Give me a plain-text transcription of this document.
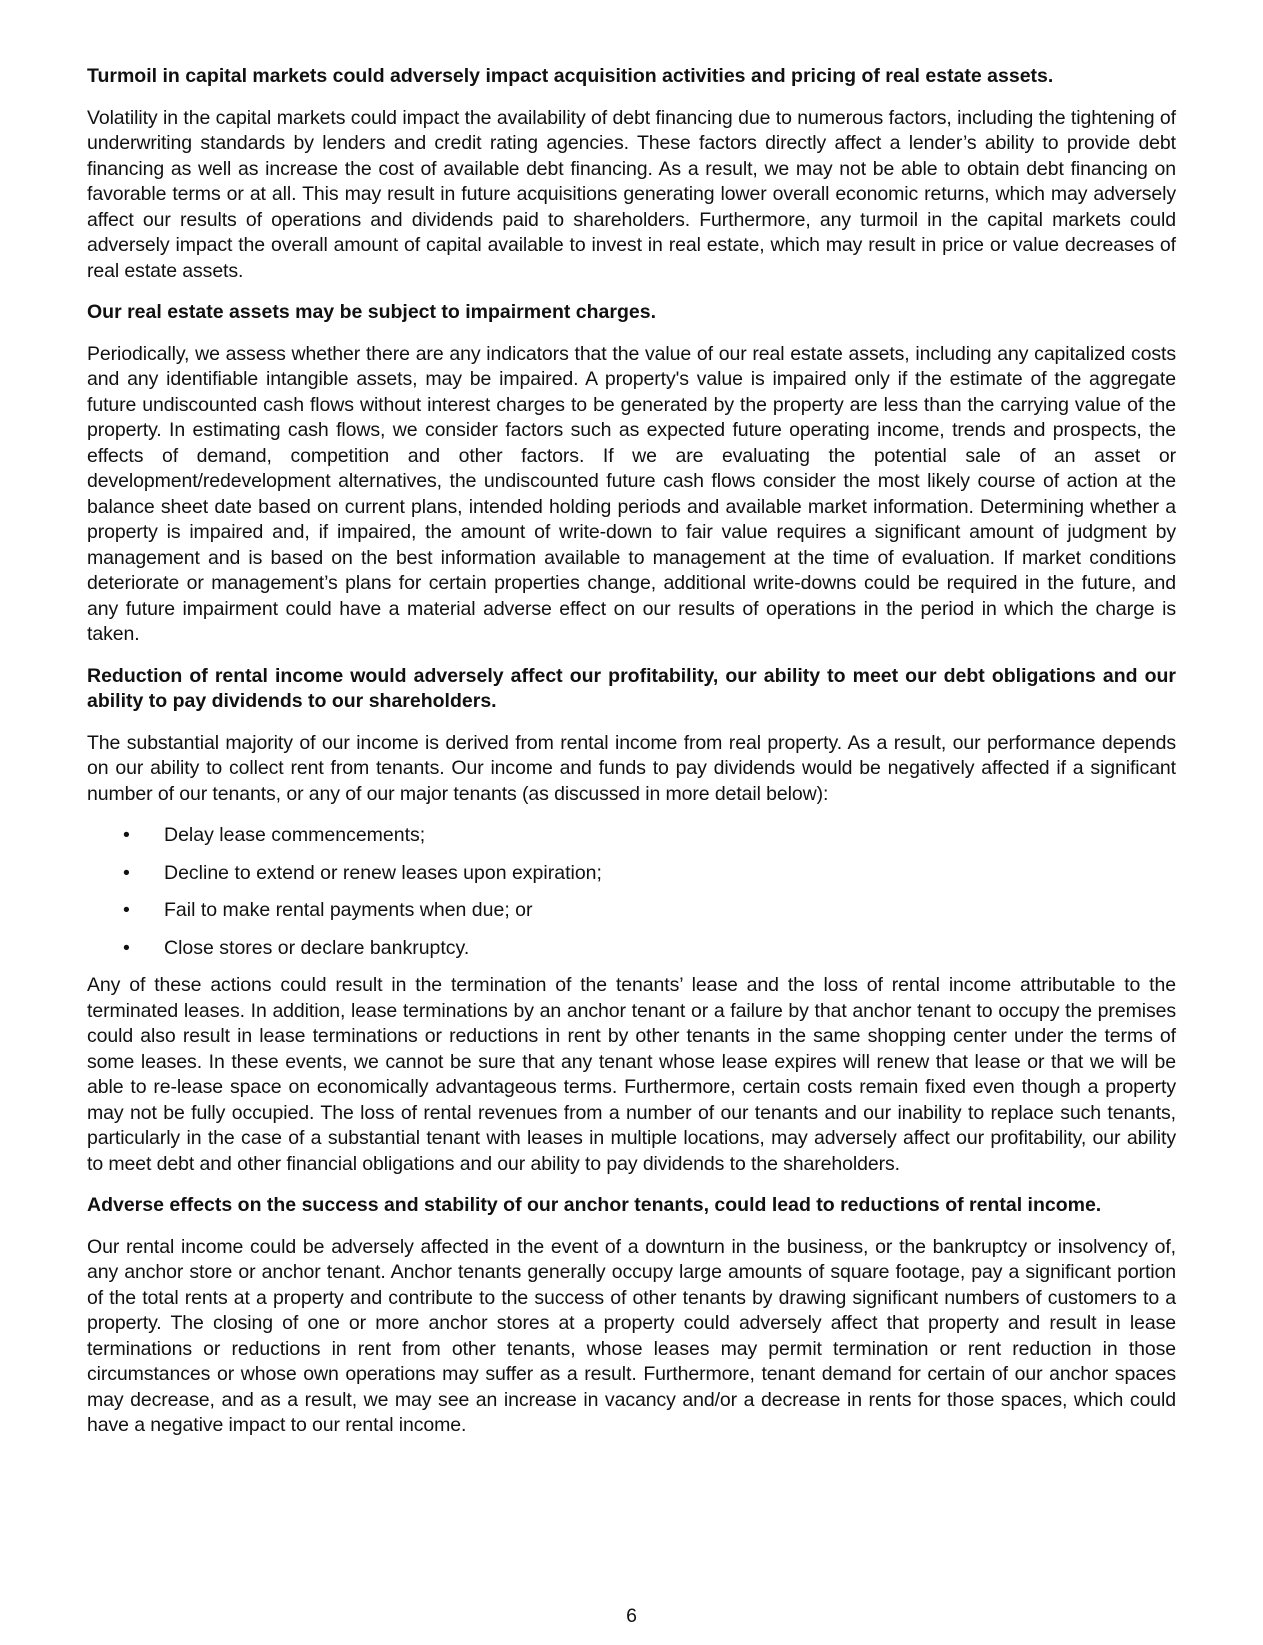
Turmoil in capital markets could adversely impact acquisition activities and pricing of real estate assets.

Volatility in the capital markets could impact the availability of debt financing due to numerous factors, including the tightening of underwriting standards by lenders and credit rating agencies. These factors directly affect a lender’s ability to provide debt financing as well as increase the cost of available debt financing. As a result, we may not be able to obtain debt financing on favorable terms or at all. This may result in future acquisitions generating lower overall economic returns, which may adversely affect our results of operations and dividends paid to shareholders. Furthermore, any turmoil in the capital markets could adversely impact the overall amount of capital available to invest in real estate, which may result in price or value decreases of real estate assets.

Our real estate assets may be subject to impairment charges.

Periodically, we assess whether there are any indicators that the value of our real estate assets, including any capitalized costs and any identifiable intangible assets, may be impaired. A property's value is impaired only if the estimate of the aggregate future undiscounted cash flows without interest charges to be generated by the property are less than the carrying value of the property. In estimating cash flows, we consider factors such as expected future operating income, trends and prospects, the effects of demand, competition and other factors. If we are evaluating the potential sale of an asset or development/redevelopment alternatives, the undiscounted future cash flows consider the most likely course of action at the balance sheet date based on current plans, intended holding periods and available market information. Determining whether a property is impaired and, if impaired, the amount of write-down to fair value requires a significant amount of judgment by management and is based on the best information available to management at the time of evaluation. If market conditions deteriorate or management’s plans for certain properties change, additional write-downs could be required in the future, and any future impairment could have a material adverse effect on our results of operations in the period in which the charge is taken.

Reduction of rental income would adversely affect our profitability, our ability to meet our debt obligations and our ability to pay dividends to our shareholders.

The substantial majority of our income is derived from rental income from real property. As a result, our performance depends on our ability to collect rent from tenants. Our income and funds to pay dividends would be negatively affected if a significant number of our tenants, or any of our major tenants (as discussed in more detail below):

• Delay lease commencements;
• Decline to extend or renew leases upon expiration;
• Fail to make rental payments when due; or
• Close stores or declare bankruptcy.

Any of these actions could result in the termination of the tenants’ lease and the loss of rental income attributable to the terminated leases. In addition, lease terminations by an anchor tenant or a failure by that anchor tenant to occupy the premises could also result in lease terminations or reductions in rent by other tenants in the same shopping center under the terms of some leases. In these events, we cannot be sure that any tenant whose lease expires will renew that lease or that we will be able to re-lease space on economically advantageous terms. Furthermore, certain costs remain fixed even though a property may not be fully occupied. The loss of rental revenues from a number of our tenants and our inability to replace such tenants, particularly in the case of a substantial tenant with leases in multiple locations, may adversely affect our profitability, our ability to meet debt and other financial obligations and our ability to pay dividends to the shareholders.

Adverse effects on the success and stability of our anchor tenants, could lead to reductions of rental income.

Our rental income could be adversely affected in the event of a downturn in the business, or the bankruptcy or insolvency of, any anchor store or anchor tenant. Anchor tenants generally occupy large amounts of square footage, pay a significant portion of the total rents at a property and contribute to the success of other tenants by drawing significant numbers of customers to a property. The closing of one or more anchor stores at a property could adversely affect that property and result in lease terminations or reductions in rent from other tenants, whose leases may permit termination or rent reduction in those circumstances or whose own operations may suffer as a result. Furthermore, tenant demand for certain of our anchor spaces may decrease, and as a result, we may see an increase in vacancy and/or a decrease in rents for those spaces, which could have a negative impact to our rental income.

6
